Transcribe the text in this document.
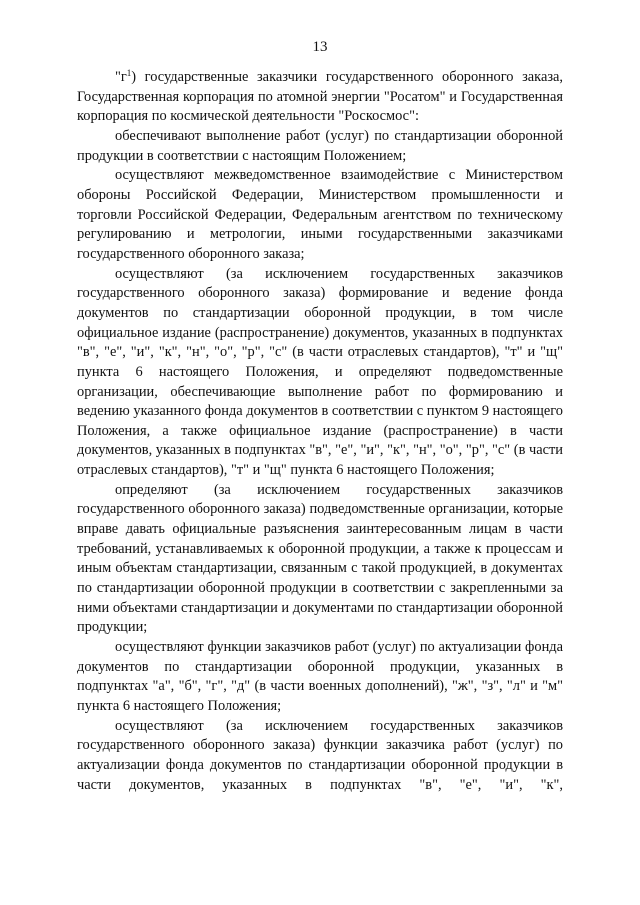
13

"$г^1$) государственные заказчики государственного оборонного заказа, Государственная корпорация по атомной энергии "Росатом" и Государственная корпорация по космической деятельности "Роскосмос":

обеспечивают выполнение работ (услуг) по стандартизации оборонной продукции в соответствии с настоящим Положением;

осуществляют межведомственное взаимодействие с Министерством обороны Российской Федерации, Министерством промышленности и торговли Российской Федерации, Федеральным агентством по техническому регулированию и метрологии, иными государственными заказчиками государственного оборонного заказа;

осуществляют (за исключением государственных заказчиков государственного оборонного заказа) формирование и ведение фонда документов по стандартизации оборонной продукции, в том числе официальное издание (распространение) документов, указанных в подпунктах "в", "е", "и", "к", "н", "о", "р", "с" (в части отраслевых стандартов), "т" и "щ" пункта 6 настоящего Положения, и определяют подведомственные организации, обеспечивающие выполнение работ по формированию и ведению указанного фонда документов в соответствии с пунктом 9 настоящего Положения, а также официальное издание (распространение) в части документов, указанных в подпунктах "в", "е", "и", "к", "н", "о", "р", "с" (в части отраслевых стандартов), "т" и "щ" пункта 6 настоящего Положения;

определяют (за исключением государственных заказчиков государственного оборонного заказа) подведомственные организации, которые вправе давать официальные разъяснения заинтересованным лицам в части требований, устанавливаемых к оборонной продукции, а также к процессам и иным объектам стандартизации, связанным с такой продукцией, в документах по стандартизации оборонной продукции в соответствии с закрепленными за ними объектами стандартизации и документами по стандартизации оборонной продукции;

осуществляют функции заказчиков работ (услуг) по актуализации фонда документов по стандартизации оборонной продукции, указанных в подпунктах "а", "б", "г", "д" (в части военных дополнений), "ж", "з", "л" и "м" пункта 6 настоящего Положения;

осуществляют (за исключением государственных заказчиков государственного оборонного заказа) функции заказчика работ (услуг) по актуализации фонда документов по стандартизации оборонной продукции в части документов, указанных в подпунктах "в", "е", "и", "к",
